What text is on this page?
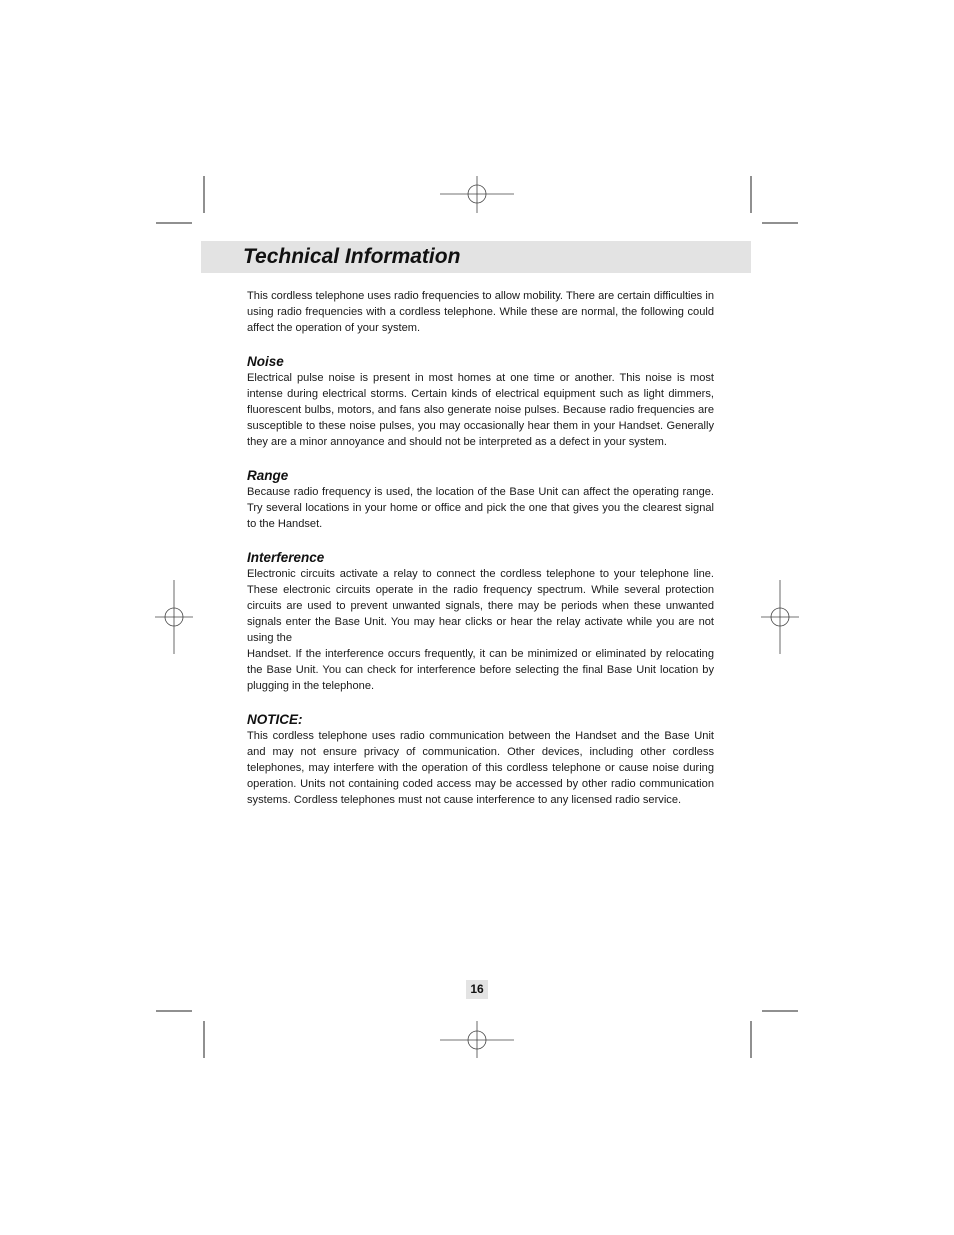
Technical Information

This cordless telephone uses radio frequencies to allow mobility. There are certain difficulties in using radio frequencies with a cordless telephone. While these are normal, the following could affect the operation of your system.

Noise

Electrical pulse noise is present in most homes at one time or another. This noise is most intense during electrical storms. Certain kinds of electrical equipment such as light dimmers, fluorescent bulbs, motors, and fans also generate noise pulses. Because radio frequencies are susceptible to these noise pulses, you may occasionally hear them in your Handset. Generally they are a minor annoyance and should not be interpreted as a defect in your system.

Range

Because radio frequency is used, the location of the Base Unit can affect the operating range. Try several locations in your home or office and pick the one that gives you the clearest signal to the Handset.

Interference

Electronic circuits activate a relay to connect the cordless telephone to your telephone line. These electronic circuits operate in the radio frequency spectrum. While several protection circuits are used to prevent unwanted signals, there may be periods when these unwanted signals enter the Base Unit. You may hear clicks or hear the relay activate while you are not using the

Handset. If the interference occurs frequently, it can be minimized or eliminated by relocating the Base Unit. You can check for interference before selecting the final Base Unit location by plugging in the telephone.

NOTICE:

This cordless telephone uses radio communication between the Handset and the Base Unit and may not ensure privacy of communication. Other devices, including other cordless telephones, may interfere with the operation of this cordless telephone or cause noise during operation. Units not containing coded access may be accessed by other radio communication systems. Cordless telephones must not cause interference to any licensed radio service.

16
